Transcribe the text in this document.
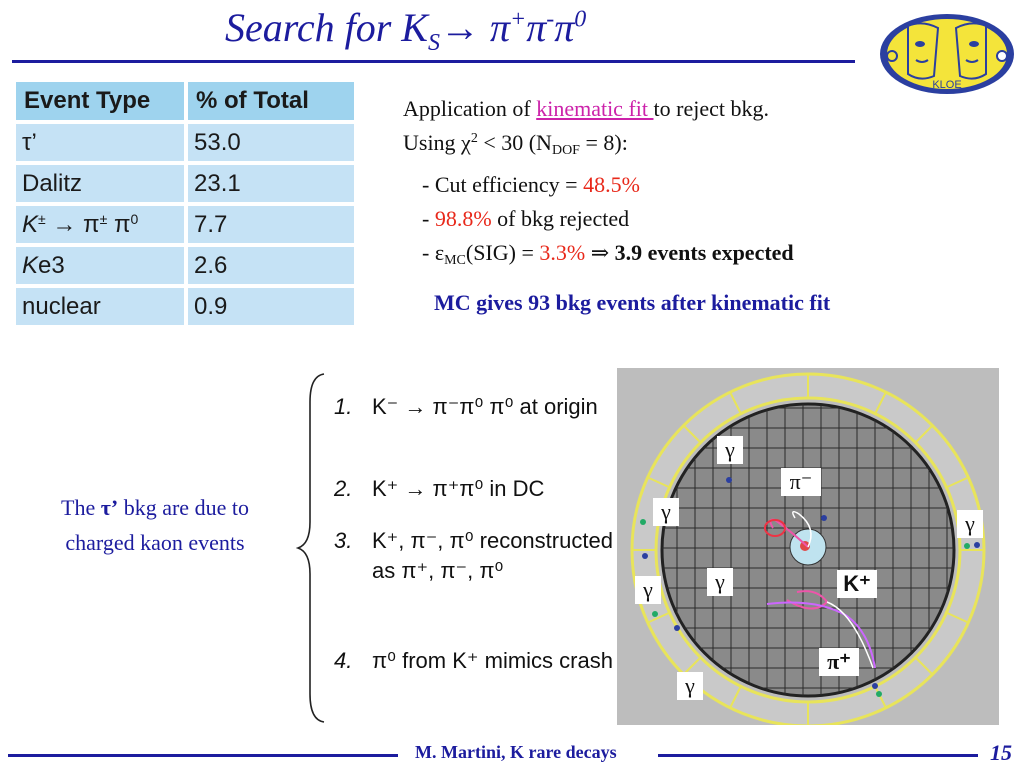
Search for $K_S\to \pi^+\pi^-\pi^0$
KLOE
Event Type	% of Total
τ’	53.0
Dalitz	23.1
K± → π± $\pi^0$	7.7
Ke3	2.6
nuclear	0.9
Application of kinematic fit to reject bkg.
Using $\chi^2 < 30$ $(N_{DOF} = 8)$:
- Cut efficiency = 48.5%
- 98.8% of bkg rejected
- $\varepsilon_{MC}(SIG) = 3.3\%$ ⇒ 3.9 events expected
MC gives 93 bkg events after kinematic fit
The τ’ bkg are due to charged kaon events
1. K⁻ → π⁻π⁰ π⁰ at origin
2. K⁺ → π⁺π⁰ in DC
3. K⁺, π⁻, π⁰ reconstructed as π⁺, π⁻, π⁰
4. π⁰ from K⁺ mimics crash
γ
π⁻
γ	γ
γ	γ	K⁺
π⁺
γ
M. Martini, K rare decays	15
